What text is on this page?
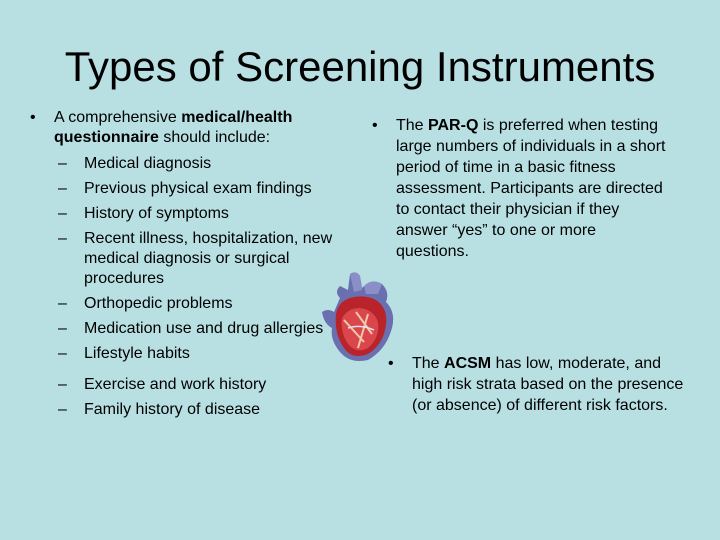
Types of Screening Instruments
•	A comprehensive medical/health questionnaire should include:
–	Medical diagnosis
–	Previous physical exam findings
–	History of symptoms
–	Recent illness, hospitalization, new medical diagnosis or surgical procedures
–	Orthopedic problems
–	Medication use and drug allergies
–	Lifestyle habits
–	Exercise and work history
–	Family history of disease
•	The PAR-Q is preferred when testing large numbers of individuals in a short period of time in a basic fitness assessment. Participants are directed to contact their physician if they answer “yes” to one or more questions.
•	The ACSM has low, moderate, and high risk strata based on the presence (or absence) of different risk factors.
